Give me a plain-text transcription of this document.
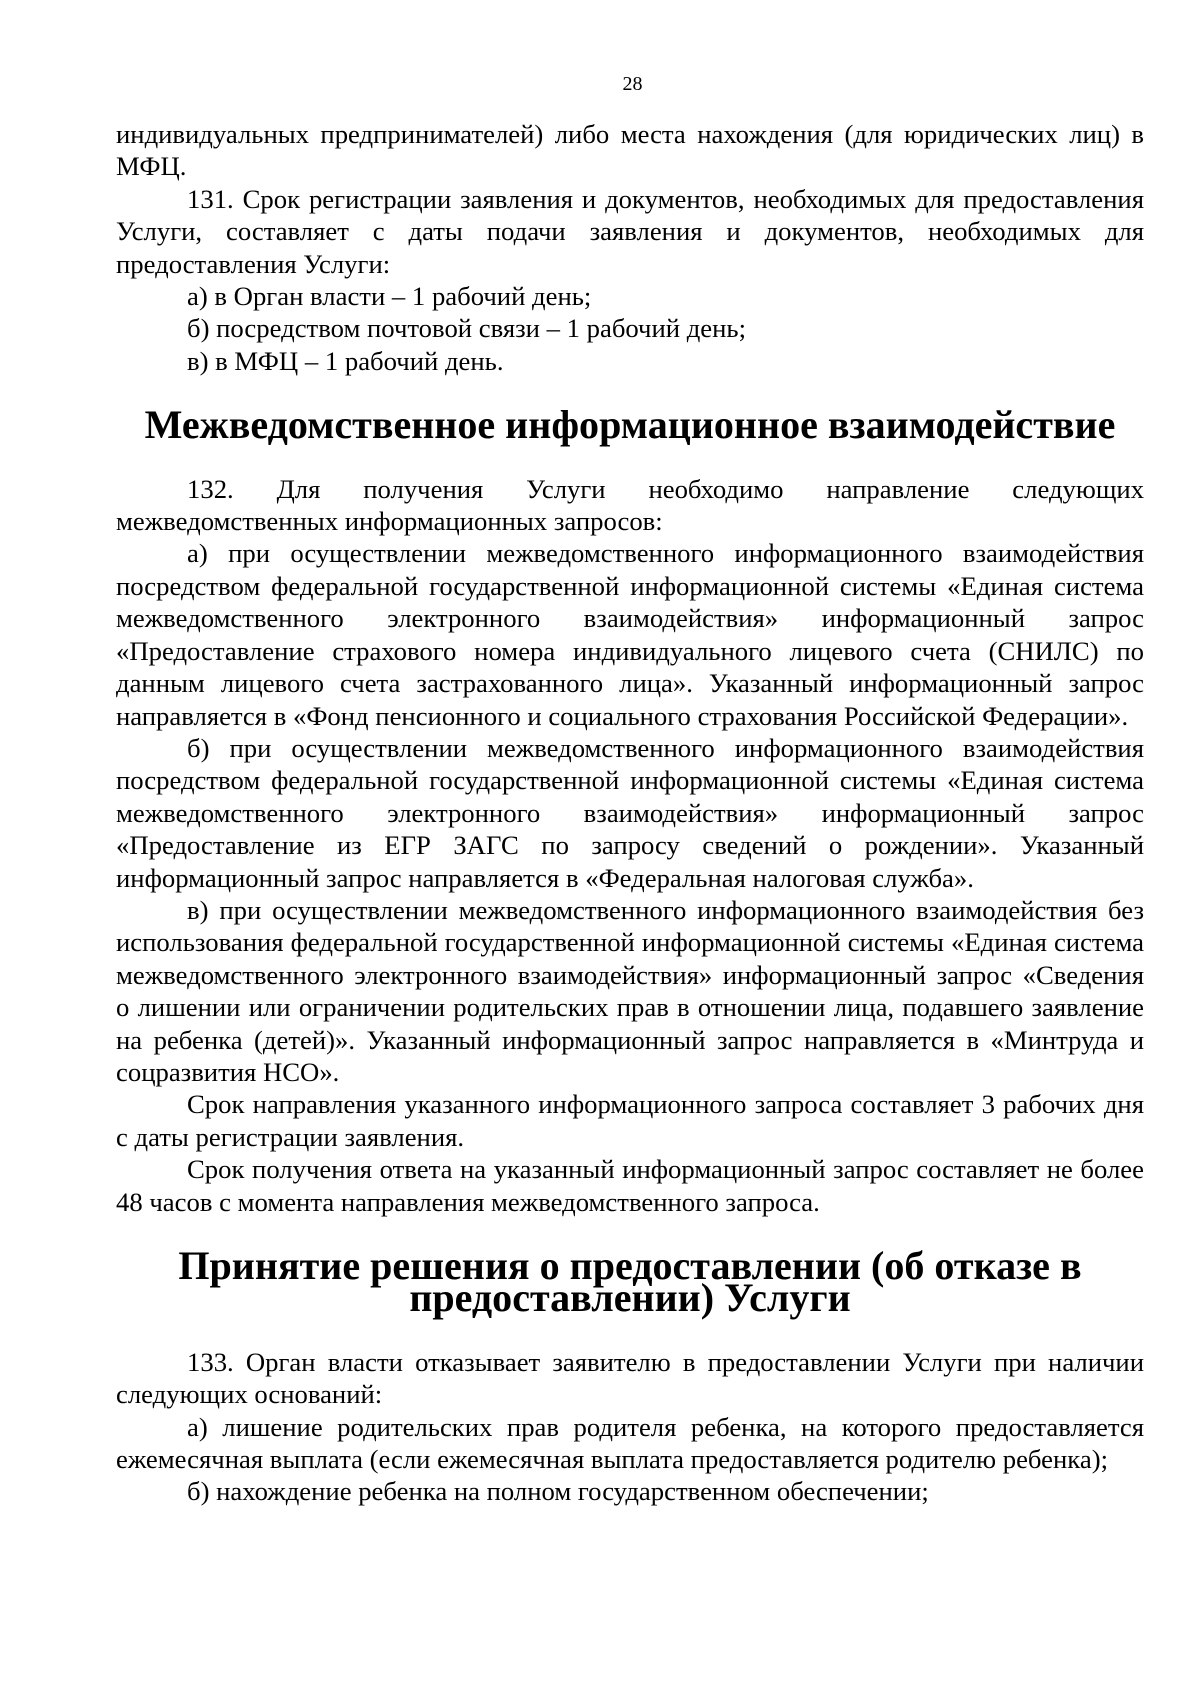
28

индивидуальных предпринимателей) либо места нахождения (для юридических лиц) в МФЦ.

131. Срок регистрации заявления и документов, необходимых для предоставления Услуги, составляет с даты подачи заявления и документов, необходимых для предоставления Услуги:

а) в Орган власти – 1 рабочий день;

б) посредством почтовой связи – 1 рабочий день;

в) в МФЦ – 1 рабочий день.

Межведомственное информационное взаимодействие

132. Для получения Услуги необходимо направление следующих межведомственных информационных запросов:

а) при осуществлении межведомственного информационного взаимодействия посредством федеральной государственной информационной системы «Единая система межведомственного электронного взаимодействия» информационный запрос «Предоставление страхового номера индивидуального лицевого счета (СНИЛС) по данным лицевого счета застрахованного лица». Указанный информационный запрос направляется в «Фонд пенсионного и социального страхования Российской Федерации».

б) при осуществлении межведомственного информационного взаимодействия посредством федеральной государственной информационной системы «Единая система межведомственного электронного взаимодействия» информационный запрос «Предоставление из ЕГР ЗАГС по запросу сведений о рождении». Указанный информационный запрос направляется в «Федеральная налоговая служба».

в) при осуществлении межведомственного информационного взаимодействия без использования федеральной государственной информационной системы «Единая система межведомственного электронного взаимодействия» информационный запрос «Сведения о лишении или ограничении родительских прав в отношении лица, подавшего заявление на ребенка (детей)». Указанный информационный запрос направляется в «Минтруда и соцразвития НСО».

Срок направления указанного информационного запроса составляет 3 рабочих дня с даты регистрации заявления.

Срок получения ответа на указанный информационный запрос составляет не более 48 часов с момента направления межведомственного запроса.

Принятие решения о предоставлении (об отказе в предоставлении) Услуги

133. Орган власти отказывает заявителю в предоставлении Услуги при наличии следующих оснований:

а) лишение родительских прав родителя ребенка, на которого предоставляется ежемесячная выплата (если ежемесячная выплата предоставляется родителю ребенка);

б) нахождение ребенка на полном государственном обеспечении;
